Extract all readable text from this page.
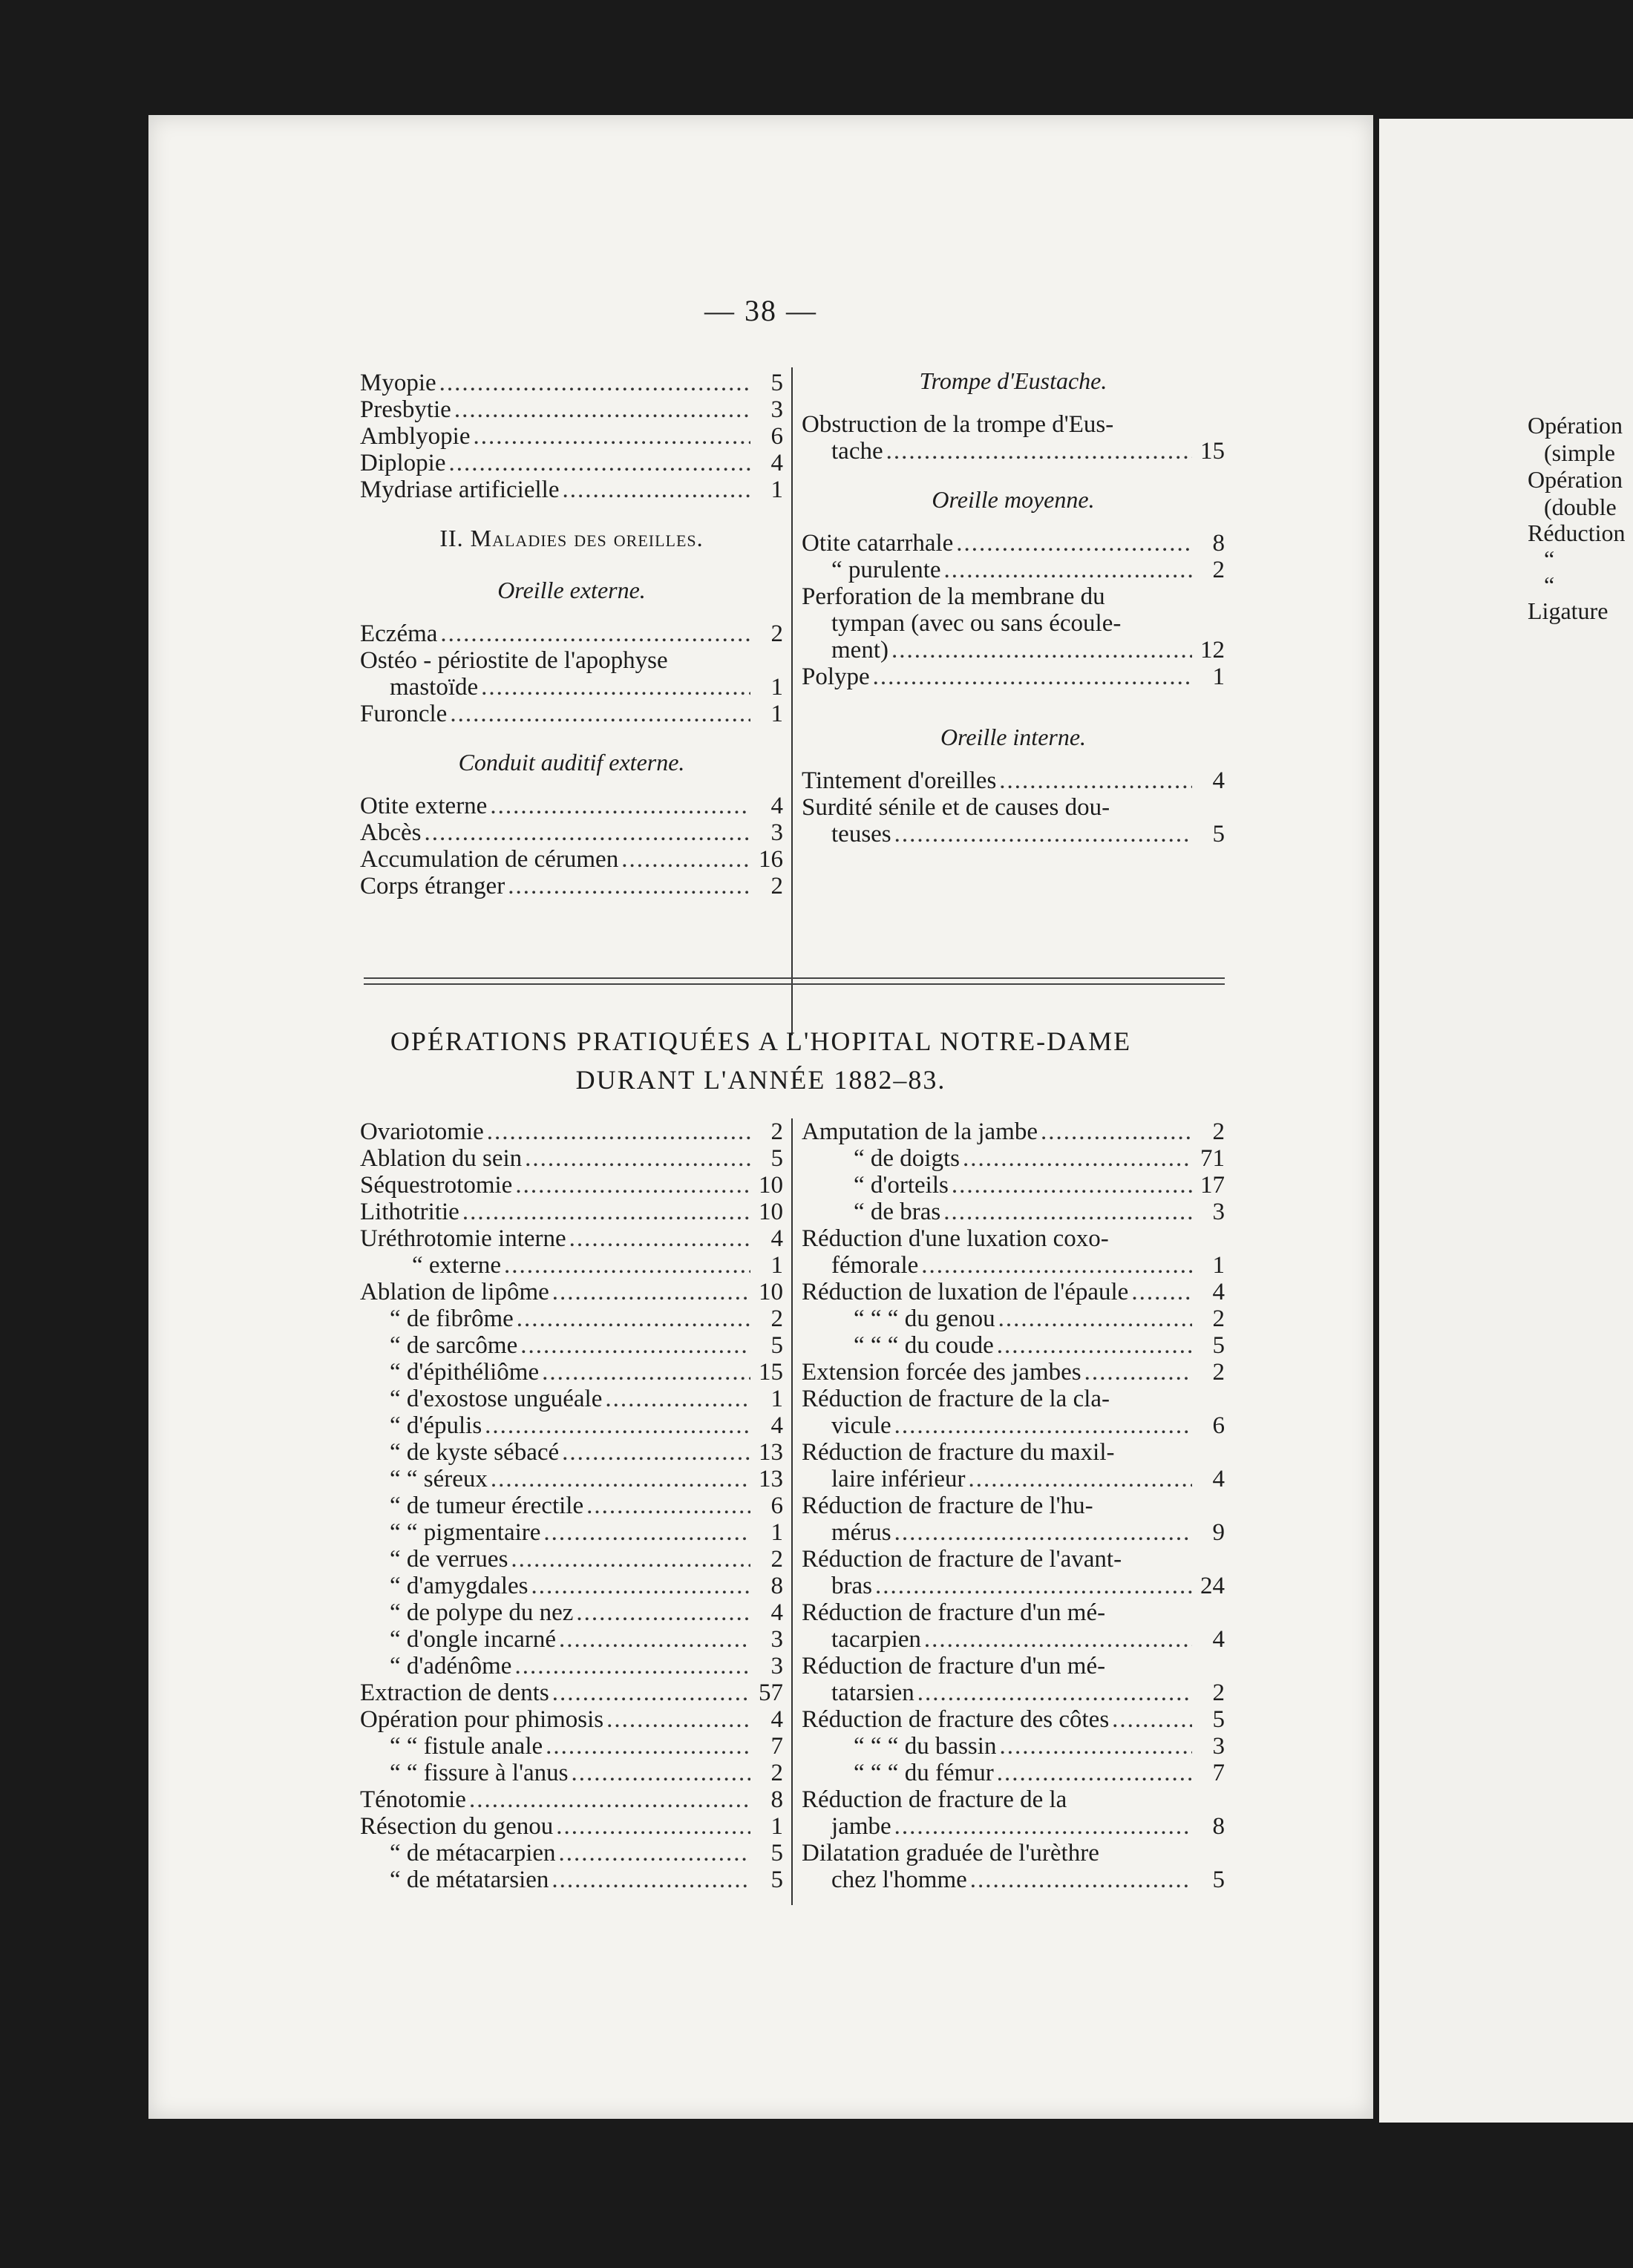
— 38 —
Myopie .....	5
Presbytie .....	3
Amblyopie .....	6
Diplopie .....	4
Mydriase artificielle .....	1
II. Maladies des oreilles.
Oreille externe.
Eczéma .....	2
Ostéo - périostite de l'apophyse
mastoïde .....	1
Furoncle .....	1
Conduit auditif externe.
Otite externe .....	4
Abcès .....	3
Accumulation de cérumen .....	16
Corps étranger .....	2
Trompe d'Eustache.
Obstruction de la trompe d'Eus-
tache .....	15
Oreille moyenne.
Otite catarrhale .....	8
“ purulente .....	2
Perforation de la membrane du
tympan (avec ou sans écoule-
ment) .....	12
Polype .....	1
Oreille interne.
Tintement d'oreilles .....	4
Surdité sénile et de causes dou-
teuses .....	5
OPÉRATIONS PRATIQUÉES A L'HOPITAL NOTRE-DAME
DURANT L'ANNÉE 1882–83.
Ovariotomie .....	2
Ablation du sein .....	5
Séquestrotomie .....	10
Lithotritie .....	10
Uréthrotomie interne .....	4
“ externe .....	1
Ablation de lipôme .....	10
“ de fibrôme .....	2
“ de sarcôme .....	5
“ d'épithéliôme .....	15
“ d'exostose unguéale .....	1
“ d'épulis .....	4
“ de kyste sébacé .....	13
“ “ séreux .....	13
“ de tumeur érectile .....	6
“ “ pigmentaire .....	1
“ de verrues .....	2
“ d'amygdales .....	8
“ de polype du nez .....	4
“ d'ongle incarné .....	3
“ d'adénôme .....	3
Extraction de dents .....	57
Opération pour phimosis .....	4
“ “ fistule anale .....	7
“ “ fissure à l'anus .....	2
Ténotomie .....	8
Résection du genou .....	1
“ de métacarpien .....	5
“ de métatarsien .....	5
Amputation de la jambe .....	2
“ de doigts .....	71
“ d'orteils .....	17
“ de bras .....	3
Réduction d'une luxation coxo-
fémorale .....	1
Réduction de luxation de l'épaule .....	4
“ “ “ du genou .....	2
“ “ “ du coude .....	5
Extension forcée des jambes .....	2
Réduction de fracture de la cla-
vicule .....	6
Réduction de fracture du maxil-
laire inférieur .....	4
Réduction de fracture de l'hu-
mérus .....	9
Réduction de fracture de l'avant-
bras .....	24
Réduction de fracture d'un mé-
tacarpien .....	4
Réduction de fracture d'un mé-
tatarsien .....	2
Réduction de fracture des côtes .....	5
“ “ “ du bassin .....	3
“ “ “ du fémur .....	7
Réduction de fracture de la
jambe .....	8
Dilatation graduée de l'urèthre
chez l'homme .....	5
Opération
(simple
Opération
(double
Réduction
“
“
Ligature
